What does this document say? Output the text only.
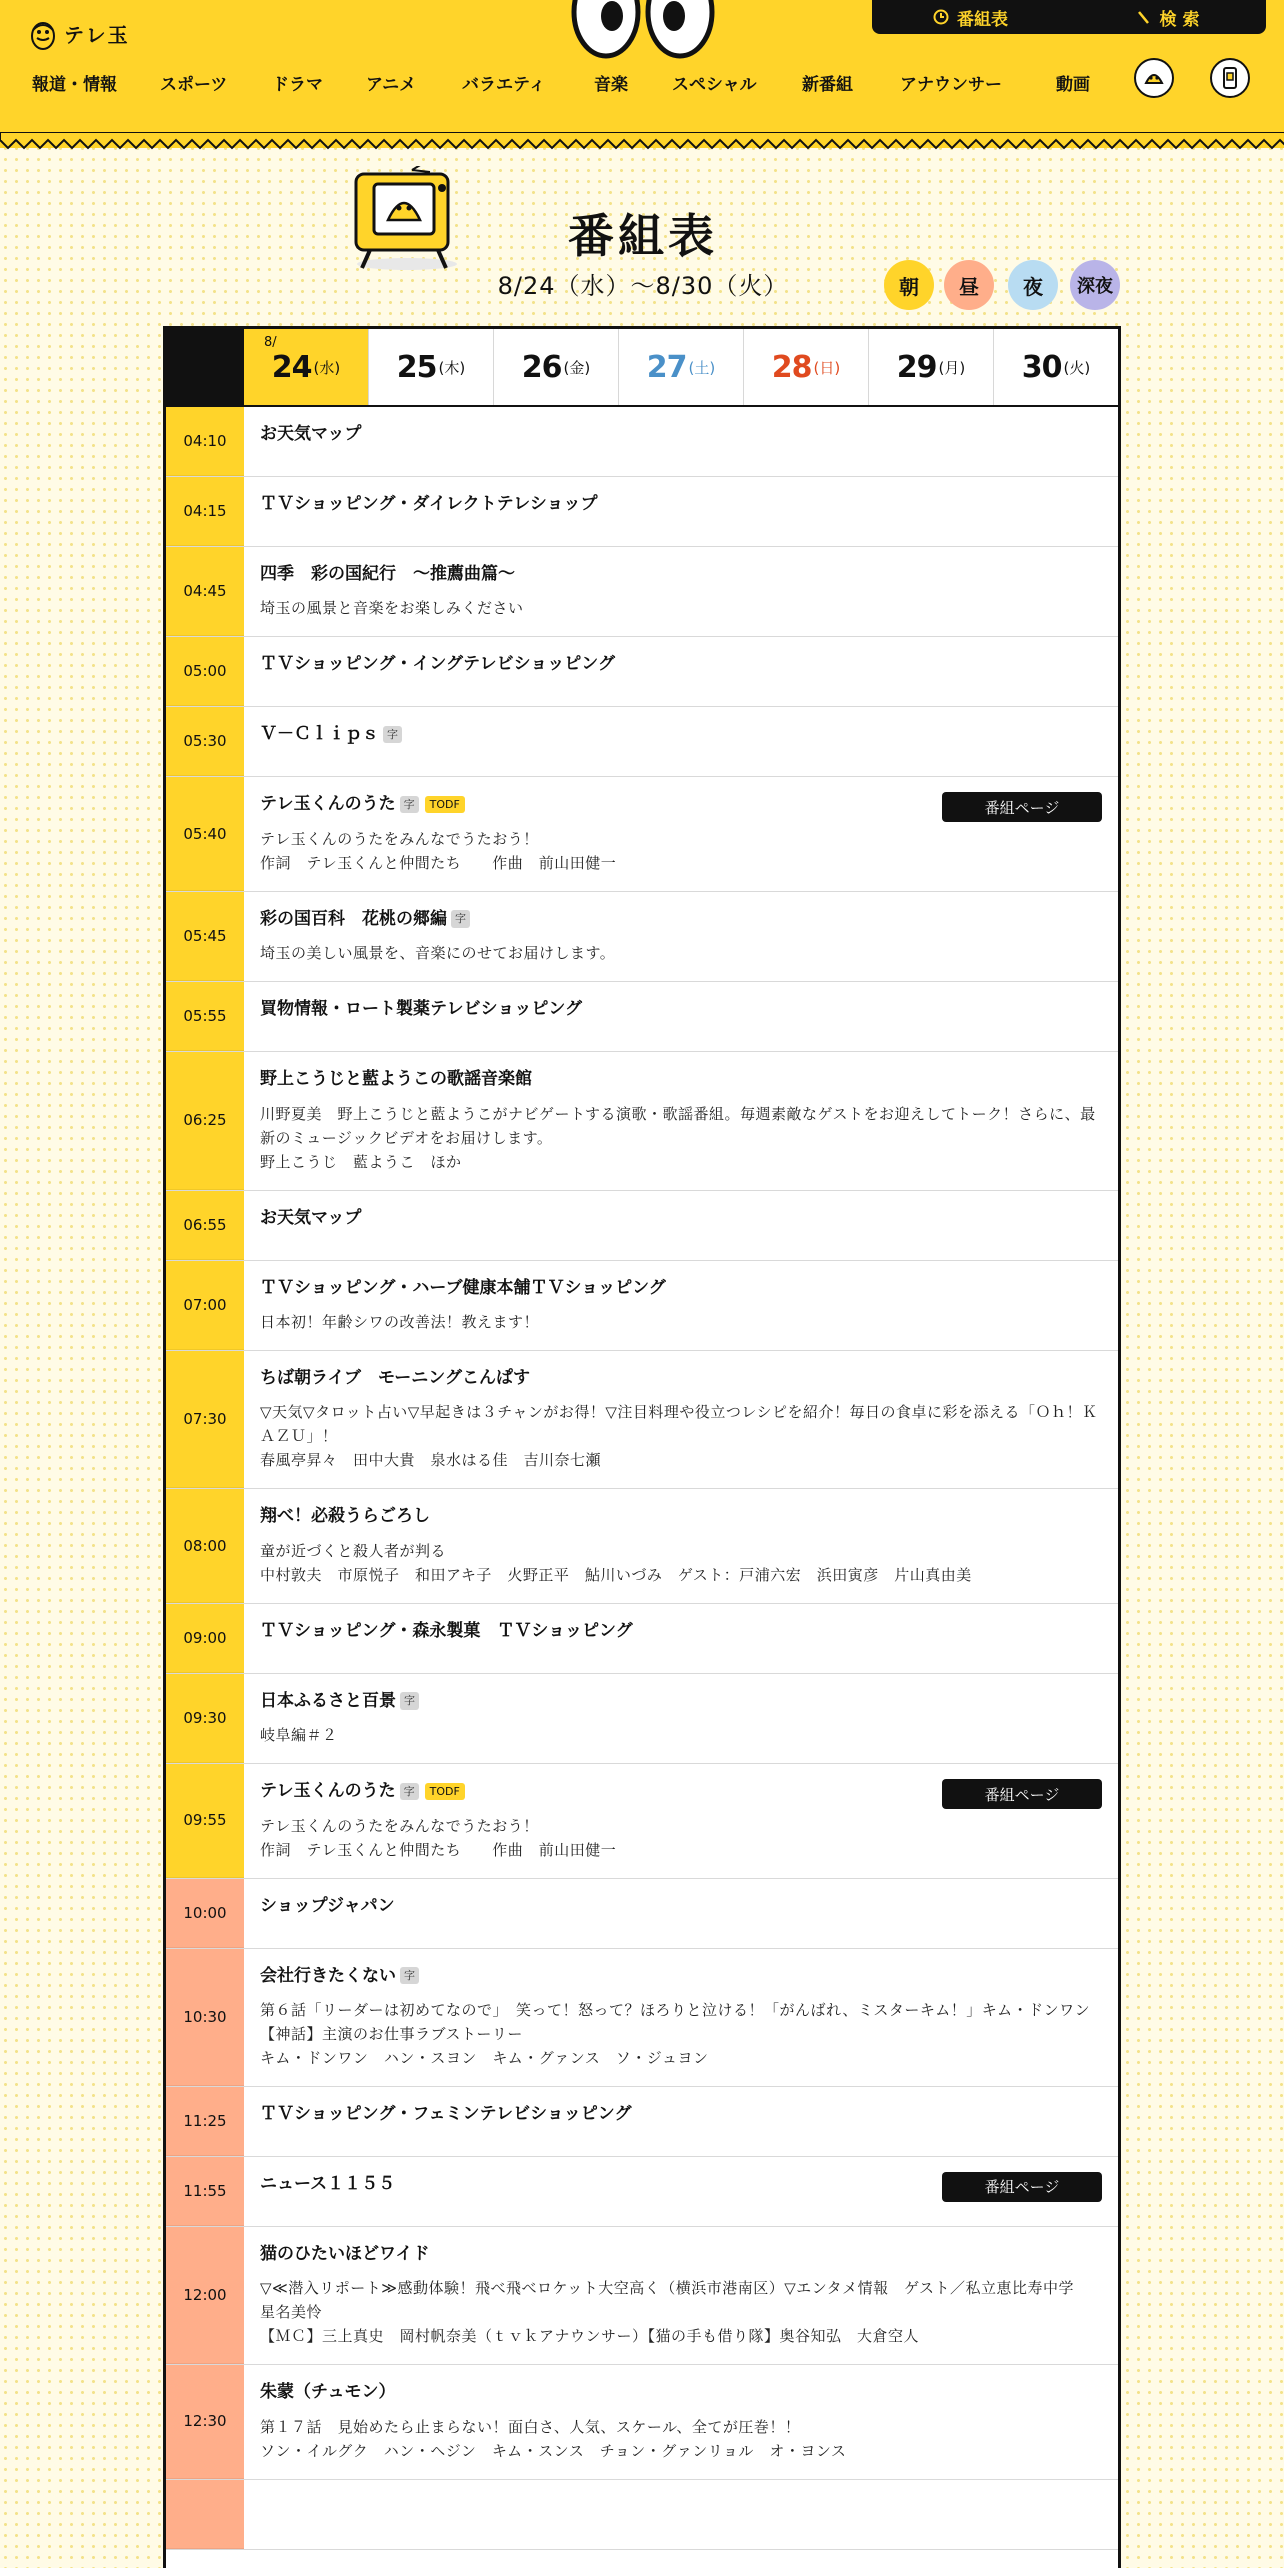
テレ玉
番組表	検 索
報道・情報	スポーツ	ドラマ	アニメ	バラエティ	音楽	スペシャル	新番組	アナウンサー	動画
番組表
8/24（水）〜8/30（火）	朝	昼	夜	深夜
8/
24 (水) 25 (木) 26 (金) 27 (土) 28 (日) 29 (月) 30 (火)
04:10	お天気マップ
04:15	ＴＶショッピング・ダイレクトテレショップ
04:45
四季　彩の国紀行　～推薦曲篇～
埼玉の風景と音楽をお楽しみください
05:00	ＴＶショッピング・イングテレビショッピング
05:30	Ｖ－Ｃｌｉｐｓ 字
05:40
テレ玉くんのうた 字	TODF
テレ玉くんのうたをみんなでうたおう！
作詞　テレ玉くんと仲間たち　　作曲　前山田健一
番組ページ
05:45
彩の国百科　花桃の郷編 字
埼玉の美しい風景を、音楽にのせてお届けします。
05:55	買物情報・ロート製薬テレビショッピング
06:25
野上こうじと藍ようこの歌謡音楽館
川野夏美　野上こうじと藍ようこがナビゲートする演歌・歌謡番組。毎週素敵なゲストをお迎えしてトーク！さらに、最新のミュージックビデオをお届けします。
野上こうじ　藍ようこ　ほか
06:55	お天気マップ
07:00
ＴＶショッピング・ハーブ健康本舗ＴＶショッピング
日本初！年齢シワの改善法！教えます！
07:30
ちば朝ライブ　モーニングこんぱす
▽天気▽タロット占い▽早起きは３チャンがお得！▽注目料理や役立つレシピを紹介！毎日の食卓に彩を添える「Ｏｈ！ＫＡＺＵ」！
春風亭昇々　田中大貴　泉水はる佳　吉川奈七瀬
08:00
翔べ！必殺うらごろし
童が近づくと殺人者が判る
中村敦夫　市原悦子　和田アキ子　火野正平　鮎川いづみ　ゲスト：戸浦六宏　浜田寅彦　片山真由美
09:00	ＴＶショッピング・森永製菓　ＴＶショッピング
09:30
日本ふるさと百景 字
岐阜編＃２
09:55
テレ玉くんのうた 字	TODF
テレ玉くんのうたをみんなでうたおう！
作詞　テレ玉くんと仲間たち　　作曲　前山田健一
番組ページ
10:00	ショップジャパン
10:30
会社行きたくない 字
第６話「リーダーは初めてなので」　笑って！怒って？ほろりと泣ける！「がんばれ、ミスターキム！」キム・ドンワン【神話】主演のお仕事ラブストーリー
キム・ドンワン　ハン・スヨン　キム・グァンス　ソ・ジュヨン
11:25	ＴＶショッピング・フェミンテレビショッピング
11:55	ニュース１１５５	番組ページ
12:00
猫のひたいほどワイド
▽≪潜入リポート≫感動体験！飛べ飛べロケット大空高く（横浜市港南区）▽エンタメ情報　ゲスト／私立恵比寿中学　星名美怜
【ＭＣ】三上真史　岡村帆奈美（ｔｖｋアナウンサー）【猫の手も借り隊】奥谷知弘　大倉空人
12:30
朱蒙（チュモン）
第１７話　見始めたら止まらない！面白さ、人気、スケール、全てが圧巻！！
ソン・イルグク　ハン・ヘジン　キム・スンス　チョン・グァンリョル　オ・ヨンス
